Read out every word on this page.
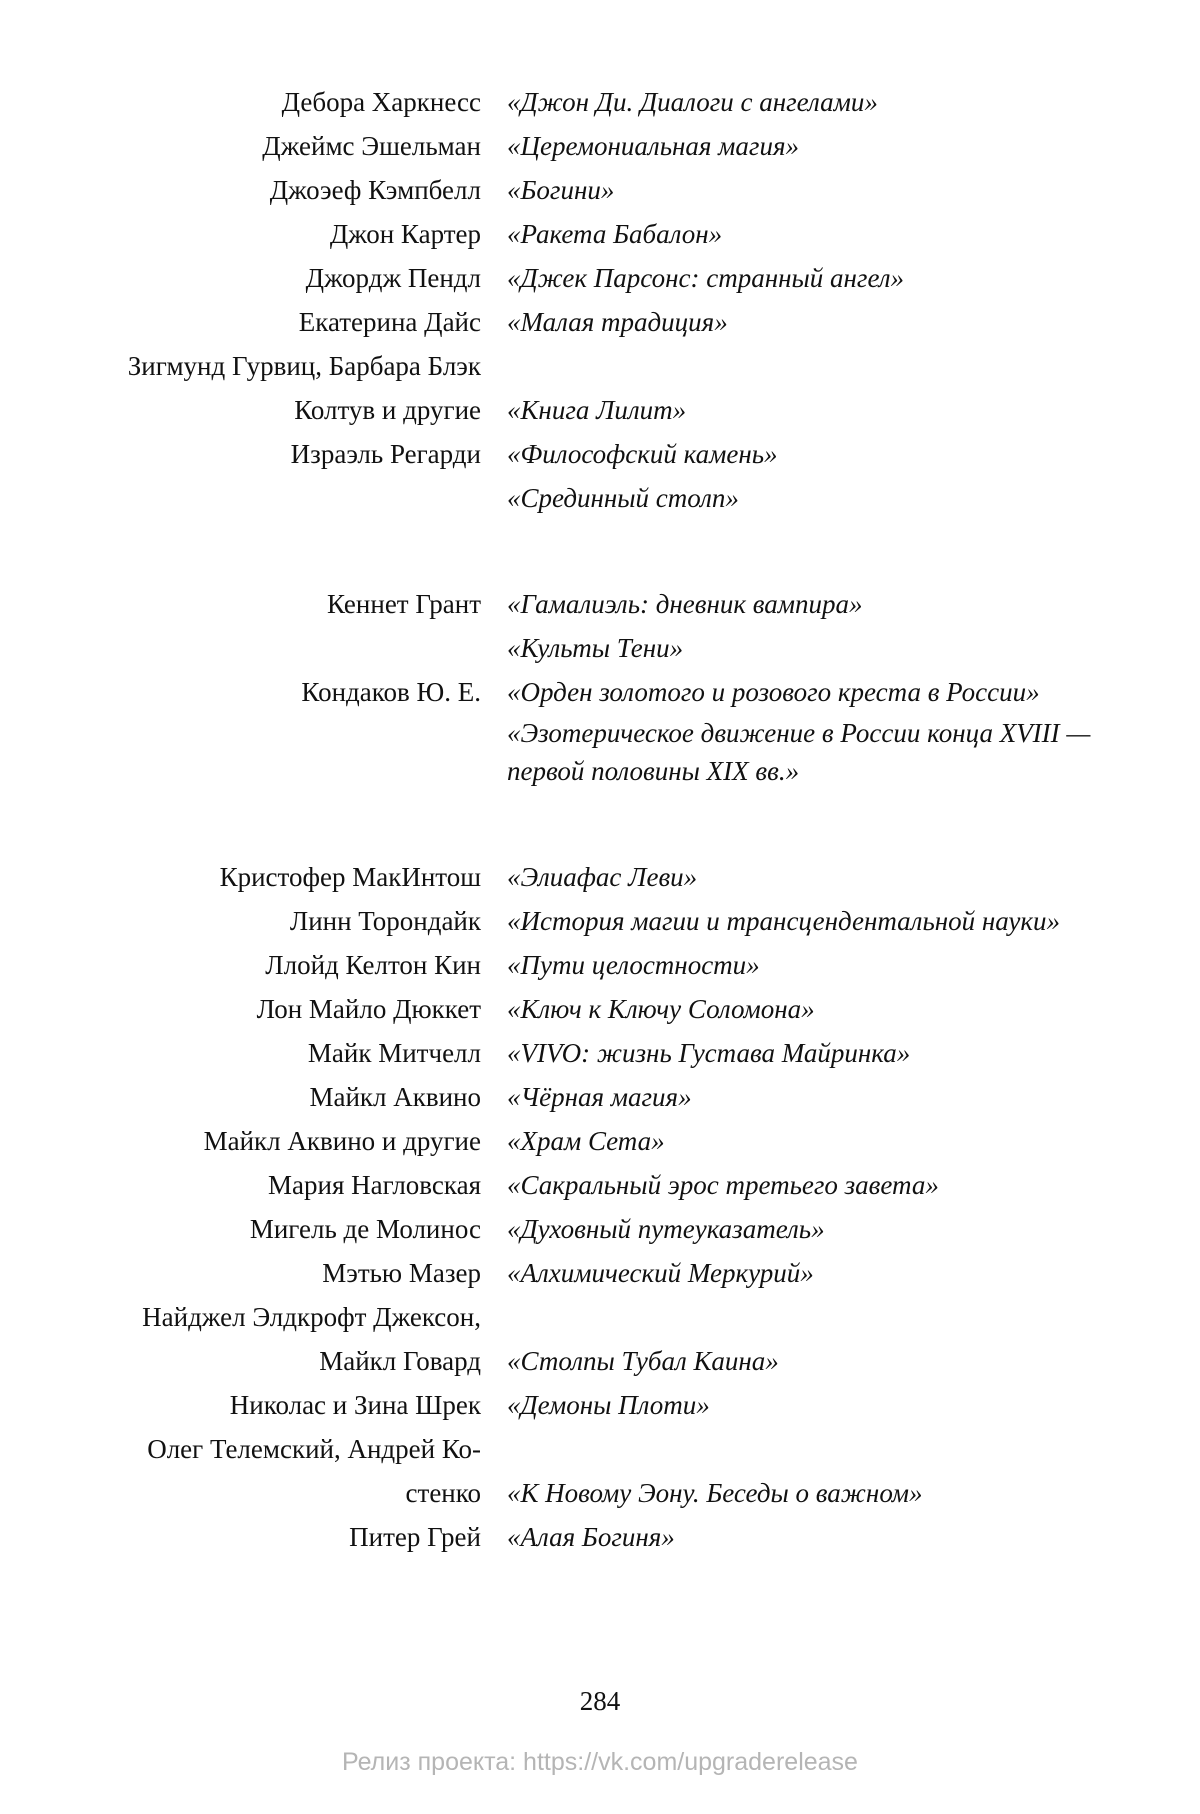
Дебора Харкнесс «Джон Ди. Диалоги с ангелами»
Джеймс Эшельман «Церемониальная магия»
Джоэеф Кэмпбелл «Богини»
Джон Картер «Ракета Бабалон»
Джордж Пендл «Джек Парсонс: странный ангел»
Екатерина Дайс «Малая традиция»
Зигмунд Гурвиц, Барбара Блэк
Колтув и другие «Книга Лилит»
Израэль Регарди «Философский камень»

«Срединный столп»
Кеннет Грант «Гамалиэль: дневник вампира»

«Культы Тени»
Кондаков Ю. Е. «Орден золотого и розового креста в России»

«Эзотерическое движение в России конца XVIII — первой половины XIX вв.»
Кристофер МакИнтош «Элиафас Леви»
Линн Торондайк «История магии и трансцендентальной науки»
Ллойд Келтон Кин «Пути целостности»
Лон Майло Дюккет «Ключ к Ключу Соломона»
Майк Митчелл «VIVO: жизнь Густава Майринка»
Майкл Аквино «Чёрная магия»
Майкл Аквино и другие «Храм Сета»
Мария Нагловская «Сакральный эрос третьего завета»
Мигель де Молинос «Духовный путеуказатель»
Мэтью Мазер «Алхимический Меркурий»
Найджел Элдкрофт Джексон,
Майкл Говард «Столпы Тубал Каина»
Николас и Зина Шрек «Демоны Плоти»
Олег Телемский, Андрей Ко-
стенко «К Новому Эону. Беседы о важном»
Питер Грей «Алая Богиня»
284
Релиз проекта: https://vk.com/upgraderelease
